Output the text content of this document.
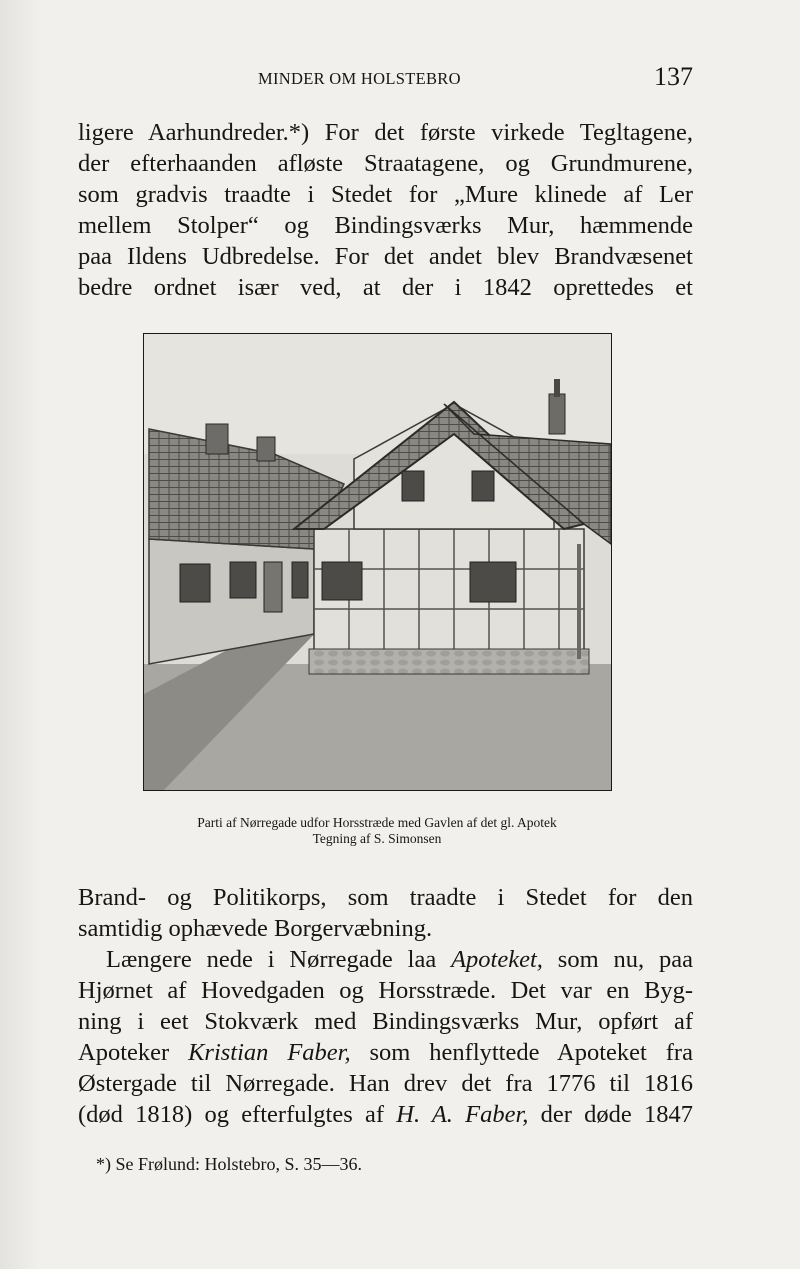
MINDER OM HOLSTEBRO	137
ligere Aarhundreder.*) For det første virkede Tegltagene,
der efterhaanden afløste Straatagene, og Grundmurene,
som gradvis traadte i Stedet for „Mure klinede af Ler
mellem Stolper“ og Bindingsværks Mur, hæmmende
paa Ildens Udbredelse. For det andet blev Brandvæsenet
bedre ordnet især ved, at der i 1842 oprettedes et
Parti af Nørregade udfor Horsstræde med Gavlen af det gl. Apotek
Tegning af S. Simonsen
Brand- og Politikorps, som traadte i Stedet for den
samtidig ophævede Borgervæbning.
Længere nede i Nørregade laa Apoteket, som nu, paa
Hjørnet af Hovedgaden og Horsstræde. Det var en Byg-
ning i eet Stokværk med Bindingsværks Mur, opført af
Apoteker Kristian Faber, som henflyttede Apoteket fra
Østergade til Nørregade. Han drev det fra 1776 til 1816
(død 1818) og efterfulgtes af H. A. Faber, der døde 1847
*) Se Frølund: Holstebro, S. 35—36.
